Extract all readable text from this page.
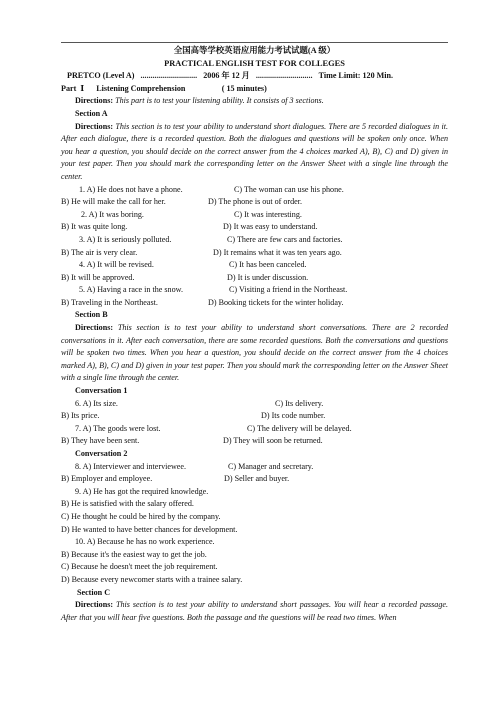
全国高等学校英语应用能力考试试题(A 级）
PRACTICAL ENGLISH TEST FOR COLLEGES
PRETCO (Level A)   ............................   2006 年 12 月   ............................   Time Limit: 120 Min.
Part  Ⅰ      Listening Comprehension                  ( 15 minutes)
Directions: This part is to test your listening ability. It consists of 3 sections.
Section A
Directions: This section is to test your ability to understand short dialogues. There are 5 recorded dialogues in it. After each dialogue, there is a recorded question. Both the dialogues and questions will be spoken only once. When you hear a question, you should decide on the correct answer from the 4 choices marked A), B), C) and D) given in your test paper. Then you should mark the corresponding letter on the Answer Sheet with a single line through the center.
1. A) He does not have a phone.	C) The woman can use his phone.
B) He will make the call for her.	D) The phone is out of order.
2. A) It was boring.	C) It was interesting.
B) It was quite long.	D) It was easy to understand.
3. A) It is seriously polluted.	C) There are few cars and factories.
B) The air is very clear.	D) It remains what it was ten years ago.
4. A) It will be revised.	C) It has been canceled.
B) It will be approved.	D) It is under discussion.
5. A) Having a race in the snow.	C) Visiting a friend in the Northeast.
B) Traveling in the Northeast.	D) Booking tickets for the winter holiday.
Section B
Directions: This section is to test your ability to understand short conversations. There are 2 recorded conversations in it. After each conversation, there are some recorded questions. Both the conversations and questions will be spoken two times. When you hear a question, you should decide on the correct answer from the 4 choices marked A), B), C) and D) given in your test paper. Then you should mark the corresponding letter on the Answer Sheet with a single line through the center.
Conversation 1
6. A) Its size.	C) Its delivery.
B) Its price.	D) Its code number.
7. A) The goods were lost.	C) The delivery will be delayed.
B) They have been sent.	D) They will soon be returned.
Conversation 2
8. A) Interviewer and interviewee.	C) Manager and secretary.
B) Employer and employee.	D) Seller and buyer.
9. A) He has got the required knowledge.
B) He is satisfied with the salary offered.
C) He thought he could be hired by the company.
D) He wanted to have better chances for development.
10. A) Because he has no work experience.
B) Because it's the easiest way to get the job.
C) Because he doesn't meet the job requirement.
D) Because every newcomer starts with a trainee salary.
Section C
Directions: This section is to test your ability to understand short passages. You will hear a recorded passage. After that you will hear five questions. Both the passage and the questions will be read two times. When
